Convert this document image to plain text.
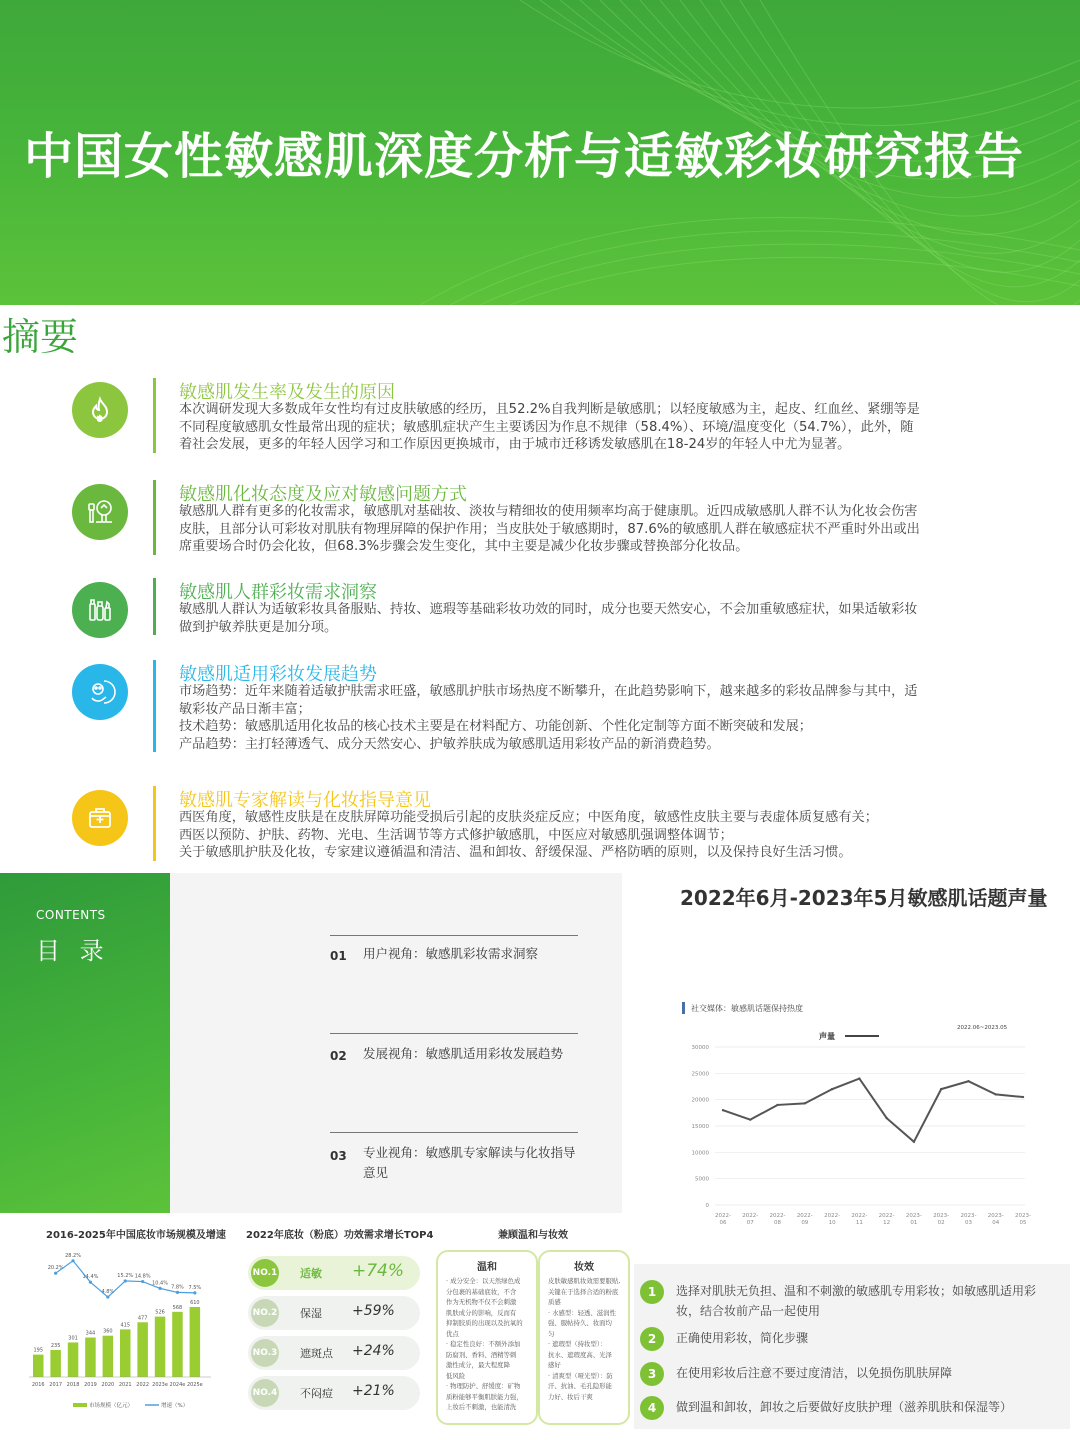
中国女性敏感肌深度分析与适敏彩妆研究报告
摘要
敏感肌发生率及发生的原因

本次调研发现大多数成年女性均有过皮肤敏感的经历，且52.2%自我判断是敏感肌；以轻度敏感为主，起皮、红血丝、紧绷等是

不同程度敏感肌女性最常出现的症状；敏感肌症状产生主要诱因为作息不规律（58.4%）、环境/温度变化（54.7%），此外，随

着社会发展，更多的年轻人因学习和工作原因更换城市，由于城市迁移诱发敏感肌在18-24岁的年轻人中尤为显著。

敏感肌化妆态度及应对敏感问题方式

敏感肌人群有更多的化妆需求，敏感肌对基础妆、淡妆与精细妆的使用频率均高于健康肌。近四成敏感肌人群不认为化妆会伤害

皮肤，且部分认可彩妆对肌肤有物理屏障的保护作用；当皮肤处于敏感期时，87.6%的敏感肌人群在敏感症状不严重时外出或出

席重要场合时仍会化妆，但68.3%步骤会发生变化，其中主要是减少化妆步骤或替换部分化妆品。

敏感肌人群彩妆需求洞察

敏感肌人群认为适敏彩妆具备服贴、持妆、遮瑕等基础彩妆功效的同时，成分也要天然安心，不会加重敏感症状，如果适敏彩妆

做到护敏养肤更是加分项。

敏感肌适用彩妆发展趋势

市场趋势：近年来随着适敏护肤需求旺盛，敏感肌护肤市场热度不断攀升，在此趋势影响下，越来越多的彩妆品牌参与其中，适

敏彩妆产品日渐丰富；

技术趋势：敏感肌适用化妆品的核心技术主要是在材料配方、功能创新、个性化定制等方面不断突破和发展；

产品趋势：主打轻薄透气、成分天然安心、护敏养肤成为敏感肌适用彩妆产品的新消费趋势。

敏感肌专家解读与化妆指导意见

西医角度，敏感性皮肤是在皮肤屏障功能受损后引起的皮肤炎症反应；中医角度，敏感性皮肤主要与表虚体质复感有关；

西医以预防、护肤、药物、光电、生活调节等方式修护敏感肌，中医应对敏感肌强调整体调节；

关于敏感肌护肤及化妆，专家建议遵循温和清洁、温和卸妆、舒缓保湿、严格防晒的原则，以及保持良好生活习惯。

CONTENTS
目 录	01 用户视角：敏感肌彩妆需求洞察
02 发展视角：敏感肌适用彩妆发展趋势
03 专业视角：敏感肌专家解读与化妆指导意见
2022年6月-2023年5月敏感肌话题声量
社交媒体：敏感肌话题保持热度
2022.06~2023.05
声量
0
5000
10000
15000
20000
25000
30000
2022-
06
2022-
07
2022-
08
2022-
09
2022-
10
2022-
11
2022-
12
2023-
01
2023-
02
2023-
03
2023-
04
2023-
05
2016-2025年中国底妆市场规模及增速
195
2016
235
2017
20.2%
301
2018
28.2%
344
2019
14.4%
360
2020
4.8%
415
2021
15.2%
477
2022
14.8%
526
2023e
10.4%
568
2024e
7.8%
610
2025e
7.5%
市场规模（亿元）	增速（%）
2022年底妆（粉底）功效需求增长TOP4
NO.1 适敏 +74%
NO.2 保湿 +59%
NO.3 遮斑点 +24%
NO.4 不闷痘 +21%
兼顾温和与妆效
温和
· 成分安全：以天然绿色成
分包裹的基础底妆，不含
作为无机物不仅不会刺激
肌肤成分的影响，反而有
抑制胶质的出现以及抗氧的
优点
· 稳定性良好：不额外添加
防腐剂、香料、酒精等刺
激性成分，最大程度降
低风险
· 物理防护、舒缓度：矿物
质粉能够平衡肌肤能力强，
上妆后不刺激，也能清洗
妆效
皮肤敏感肌妆效需要服贴,
关键在于选择合适的粉底
质感
· 水感型：轻透、滋润性
强、服帖持久、妆面均
匀
· 遮瑕型（持妆型）：
抗水、遮瑕度高、光泽
感好
· 清爽型（哑光型）：防
汗、抗油、毛孔隐形能
力好、妆后干爽
1	选择对肌肤无负担、温和不刺激的敏感肌专用彩妆；如敏感肌适用彩妆，结合妆前产品一起使用
2	正确使用彩妆，简化步骤
3	在使用彩妆后注意不要过度清洁，以免损伤肌肤屏障
4	做到温和卸妆，卸妆之后要做好皮肤护理（滋养肌肤和保湿等）
